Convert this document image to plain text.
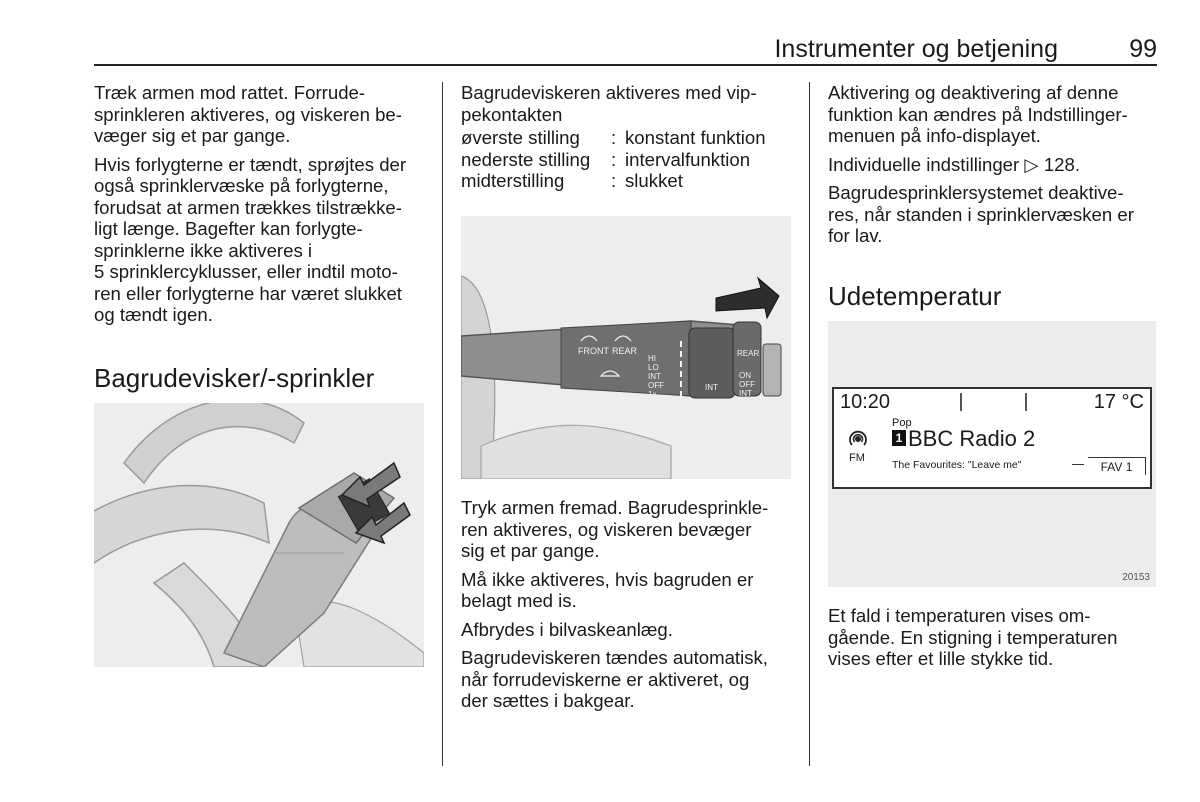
Instrumenter og betjening	99

Træk armen mod rattet. Forrude-
sprinkleren aktiveres, og viskeren be-
væger sig et par gange.

Hvis forlygterne er tændt, sprøjtes der
også sprinklervæske på forlygterne,
forudsat at armen trækkes tilstrække-
ligt længe. Bagefter kan forlygte-
sprinklerne ikke aktiveres i
5 sprinklercyklusser, eller indtil moto-
ren eller forlygterne har været slukket
og tændt igen.

Bagrudevisker/-sprinkler

Bagrudeviskeren aktiveres med vip-
pekontakten

øverste stilling	: konstant funktion
nederste stilling	: intervalfunktion
midterstilling	: slukket
FRONT REAR
HI
LO
INT
OFF
1x
REAR
ON
OFF
INT
INT

Tryk armen fremad. Bagrudesprinkle-
ren aktiveres, og viskeren bevæger
sig et par gange.

Må ikke aktiveres, hvis bagruden er
belagt med is.

Afbrydes i bilvaskeanlæg.

Bagrudeviskeren tændes automatisk,
når forrudeviskerne er aktiveret, og
der sættes i bakgear.

Aktivering og deaktivering af denne
funktion kan ændres på Indstillinger-
menuen på info-displayet.

Individuelle indstillinger ▷ 128.

Bagrudesprinklersystemet deaktive-
res, når standen i sprinklervæsken er
for lav.

Udetemperatur
10:20	17 °C
Pop
FM
1 BBC Radio 2
The Favourites: "Leave me"	FAV 1
20153

Et fald i temperaturen vises om-
gående. En stigning i temperaturen
vises efter et lille stykke tid.
